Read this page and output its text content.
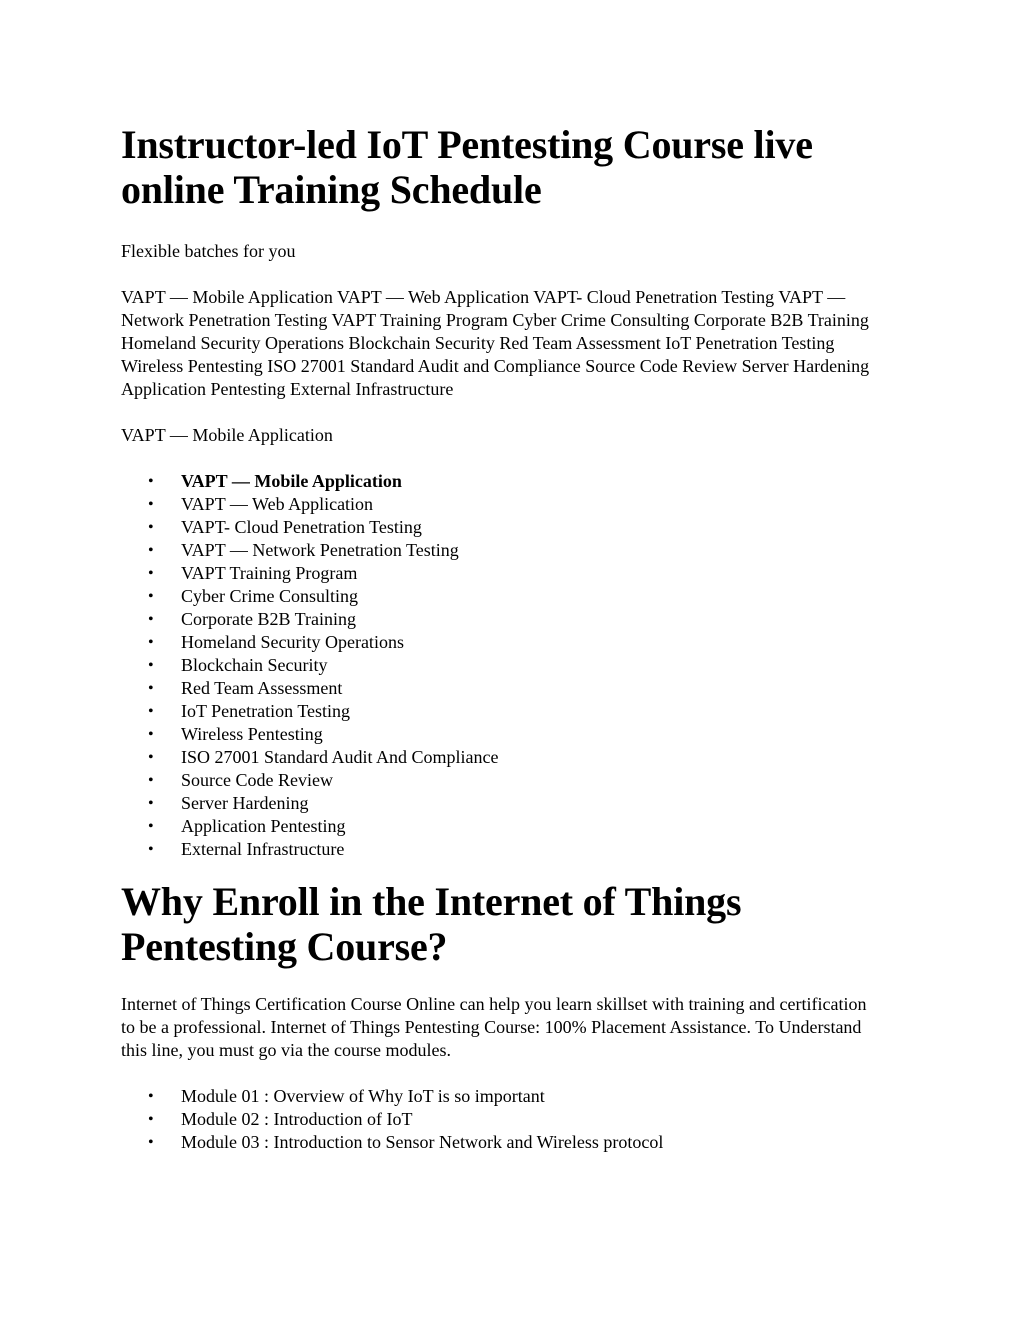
Instructor-led IoT Pentesting Course live online Training Schedule

Flexible batches for you

VAPT — Mobile Application VAPT — Web Application VAPT- Cloud Penetration Testing VAPT — Network Penetration Testing VAPT Training Program Cyber Crime Consulting Corporate B2B Training Homeland Security Operations Blockchain Security Red Team Assessment IoT Penetration Testing Wireless Pentesting ISO 27001 Standard Audit and Compliance Source Code Review Server Hardening Application Pentesting External Infrastructure

VAPT — Mobile Application

• VAPT — Mobile Application
• VAPT — Web Application
• VAPT- Cloud Penetration Testing
• VAPT — Network Penetration Testing
• VAPT Training Program
• Cyber Crime Consulting
• Corporate B2B Training
• Homeland Security Operations
• Blockchain Security
• Red Team Assessment
• IoT Penetration Testing
• Wireless Pentesting
• ISO 27001 Standard Audit And Compliance
• Source Code Review
• Server Hardening
• Application Pentesting
• External Infrastructure
Why Enroll in the Internet of Things Pentesting Course?

Internet of Things Certification Course Online can help you learn skillset with training and certification to be a professional. Internet of Things Pentesting Course: 100% Placement Assistance. To Understand this line, you must go via the course modules.

• Module 01 : Overview of Why IoT is so important
• Module 02 : Introduction of IoT
• Module 03 : Introduction to Sensor Network and Wireless protocol
